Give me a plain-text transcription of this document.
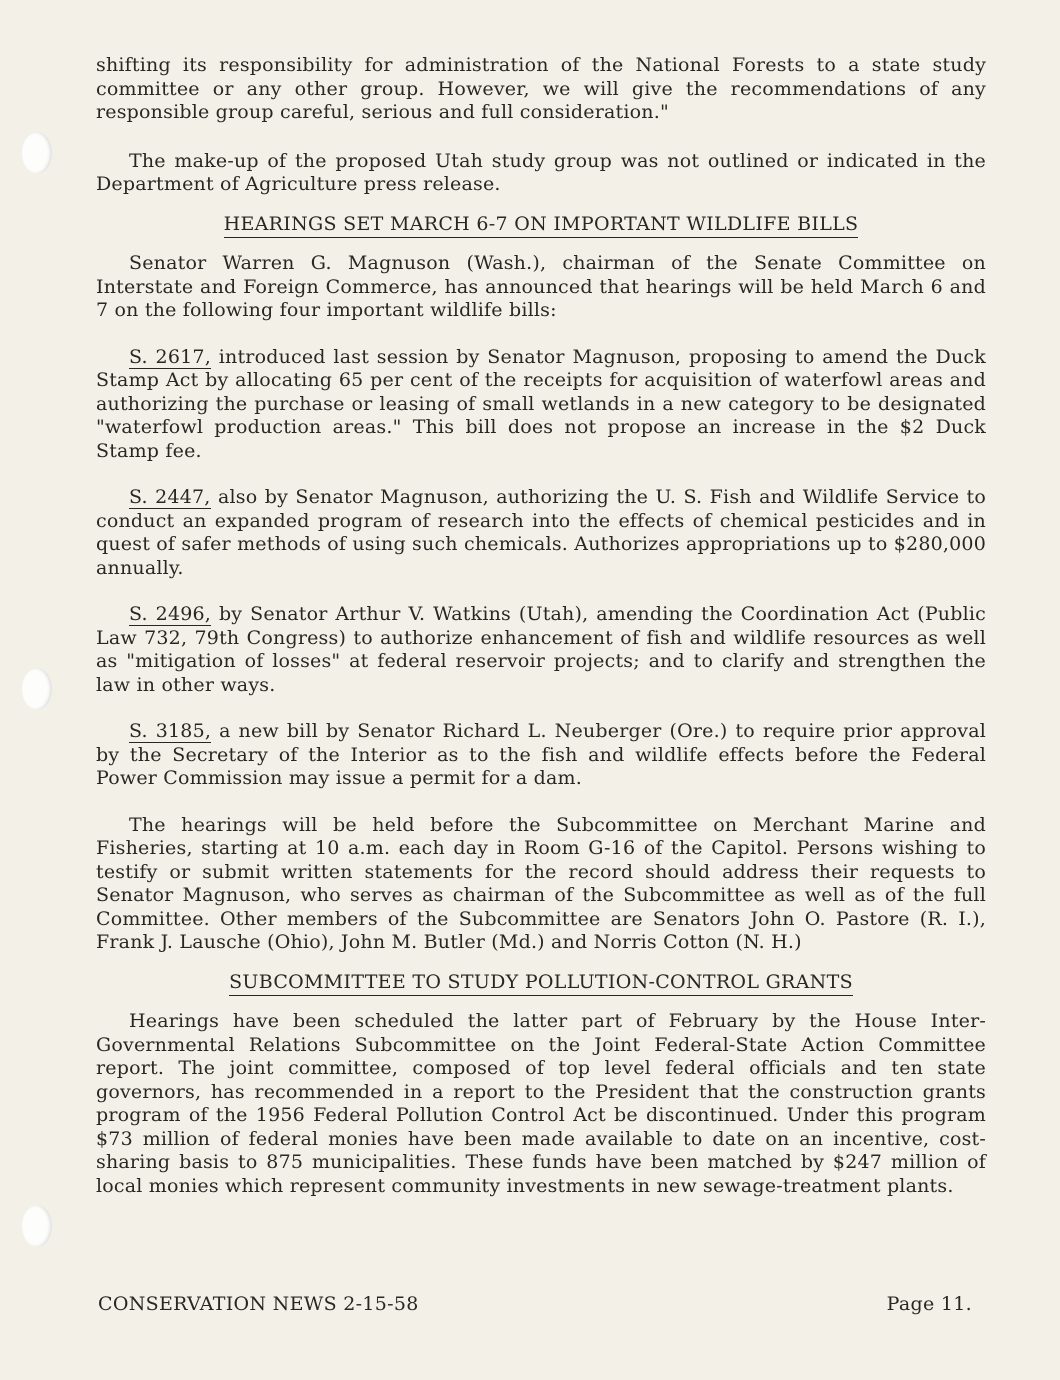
shifting its responsibility for administration of the National Forests to a state study committee or any other group. However, we will give the recommendations of any responsible group careful, serious and full consideration."

The make-up of the proposed Utah study group was not outlined or indicated in the Department of Agriculture press release.

HEARINGS SET MARCH 6-7 ON IMPORTANT WILDLIFE BILLS

Senator Warren G. Magnuson (Wash.), chairman of the Senate Committee on Interstate and Foreign Commerce, has announced that hearings will be held March 6 and 7 on the following four important wildlife bills:

S. 2617, introduced last session by Senator Magnuson, proposing to amend the Duck Stamp Act by allocating 65 per cent of the receipts for acquisition of waterfowl areas and authorizing the purchase or leasing of small wetlands in a new category to be designated "waterfowl production areas." This bill does not propose an increase in the $2 Duck Stamp fee.

S. 2447, also by Senator Magnuson, authorizing the U. S. Fish and Wildlife Service to conduct an expanded program of research into the effects of chemical pesticides and in quest of safer methods of using such chemicals. Authorizes appropriations up to $280,000 annually.

S. 2496, by Senator Arthur V. Watkins (Utah), amending the Coordination Act (Public Law 732, 79th Congress) to authorize enhancement of fish and wildlife resources as well as "mitigation of losses" at federal reservoir projects; and to clarify and strengthen the law in other ways.

S. 3185, a new bill by Senator Richard L. Neuberger (Ore.) to require prior approval by the Secretary of the Interior as to the fish and wildlife effects before the Federal Power Commission may issue a permit for a dam.

The hearings will be held before the Subcommittee on Merchant Marine and Fisheries, starting at 10 a.m. each day in Room G-16 of the Capitol. Persons wishing to testify or submit written statements for the record should address their requests to Senator Magnuson, who serves as chairman of the Subcommittee as well as of the full Committee. Other members of the Subcommittee are Senators John O. Pastore (R. I.), Frank J. Lausche (Ohio), John M. Butler (Md.) and Norris Cotton (N. H.)

SUBCOMMITTEE TO STUDY POLLUTION-CONTROL GRANTS

Hearings have been scheduled the latter part of February by the House Inter-Governmental Relations Subcommittee on the Joint Federal-State Action Committee report. The joint committee, composed of top level federal officials and ten state governors, has recommended in a report to the President that the construction grants program of the 1956 Federal Pollution Control Act be discontinued. Under this program $73 million of federal monies have been made available to date on an incentive, cost-sharing basis to 875 municipalities. These funds have been matched by $247 million of local monies which represent community investments in new sewage-treatment plants.

CONSERVATION NEWS 2-15-58	Page 11.
